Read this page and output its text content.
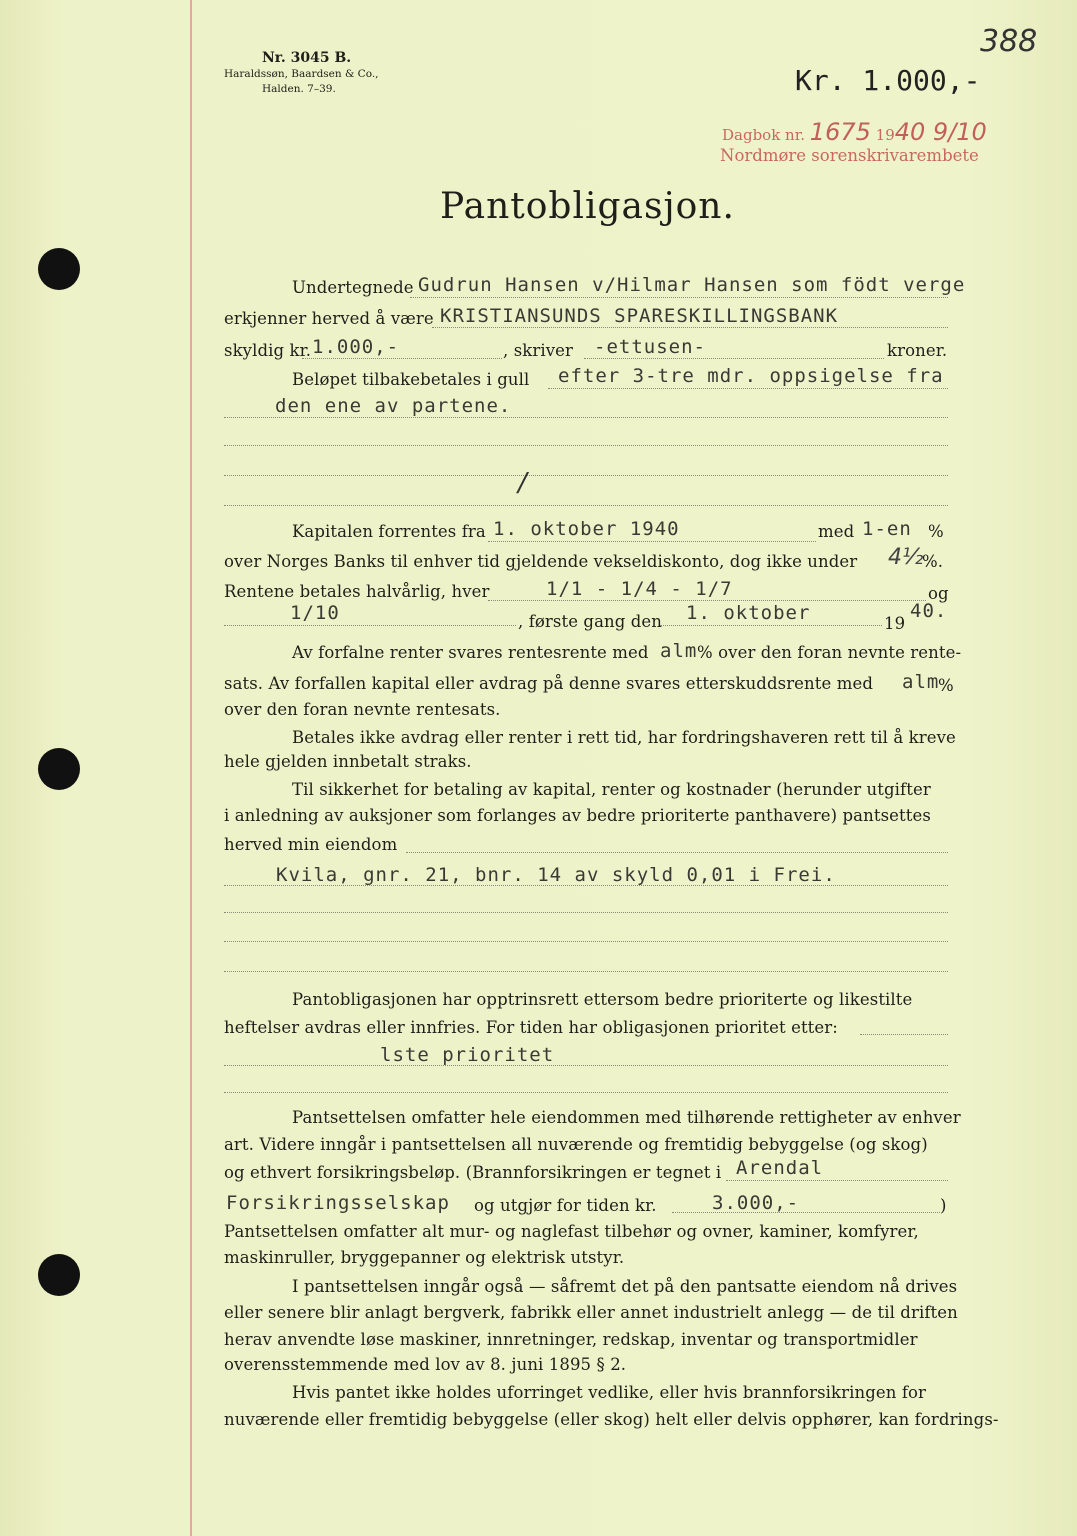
Nr. 3045 B.
Haraldssøn, Baardsen & Co.,
Halden. 7–39.
388
Kr. 1.000,-
Dagbok nr. 1675 1940 9/10
Nordmøre sorenskrivarembete
Pantobligasjon.
Undertegnede Gudrun Hansen v/Hilmar Hansen som födt verge
erkjenner herved å være KRISTIANSUNDS SPARESKILLINGSBANK
skyldig kr. 1.000,-	, skriver -ettusen-	kroner.
Beløpet tilbakebetales i gull efter 3-tre mdr. oppsigelse fra
den ene av partene.
/
Kapitalen forrentes fra 1. oktober 1940	med 1-en %
over Norges Banks til enhver tid gjeldende vekseldiskonto, dog ikke under 4½
%.
Rentene betales halvårlig, hver	1/1 - 1/4 - 1/7	og
1/10	, første gang den 1. oktober	19
40.
Av forfalne renter svares rentesrente med alm % over den foran nevnte rente-
sats. Av forfallen kapital eller avdrag på denne svares etterskuddsrente med alm
%
over den foran nevnte rentesats.
Betales ikke avdrag eller renter i rett tid, har fordringshaveren rett til å kreve
hele gjelden innbetalt straks.
Til sikkerhet for betaling av kapital, renter og kostnader (herunder utgifter
i anledning av auksjoner som forlanges av bedre prioriterte panthavere) pantsettes
herved min eiendom
Kvila, gnr. 21, bnr. 14 av skyld 0,01 i Frei.
Pantobligasjonen har opptrinsrett ettersom bedre prioriterte og likestilte
heftelser avdras eller innfries. For tiden har obligasjonen prioritet etter:
lste prioritet
Pantsettelsen omfatter hele eiendommen med tilhørende rettigheter av enhver
art. Videre inngår i pantsettelsen all nuværende og fremtidig bebyggelse (og skog)
og ethvert forsikringsbeløp. (Brannforsikringen er tegnet i Arendal
Forsikringsselskap og utgjør for tiden kr.	3.000,-	)
Pantsettelsen omfatter alt mur- og naglefast tilbehør og ovner, kaminer, komfyrer,
maskinruller, bryggepanner og elektrisk utstyr.
I pantsettelsen inngår også — såfremt det på den pantsatte eiendom nå drives
eller senere blir anlagt bergverk, fabrikk eller annet industrielt anlegg — de til driften
herav anvendte løse maskiner, innretninger, redskap, inventar og transportmidler
overensstemmende med lov av 8. juni 1895 § 2.
Hvis pantet ikke holdes uforringet vedlike, eller hvis brannforsikringen for
nuværende eller fremtidig bebyggelse (eller skog) helt eller delvis opphører, kan fordrings-
